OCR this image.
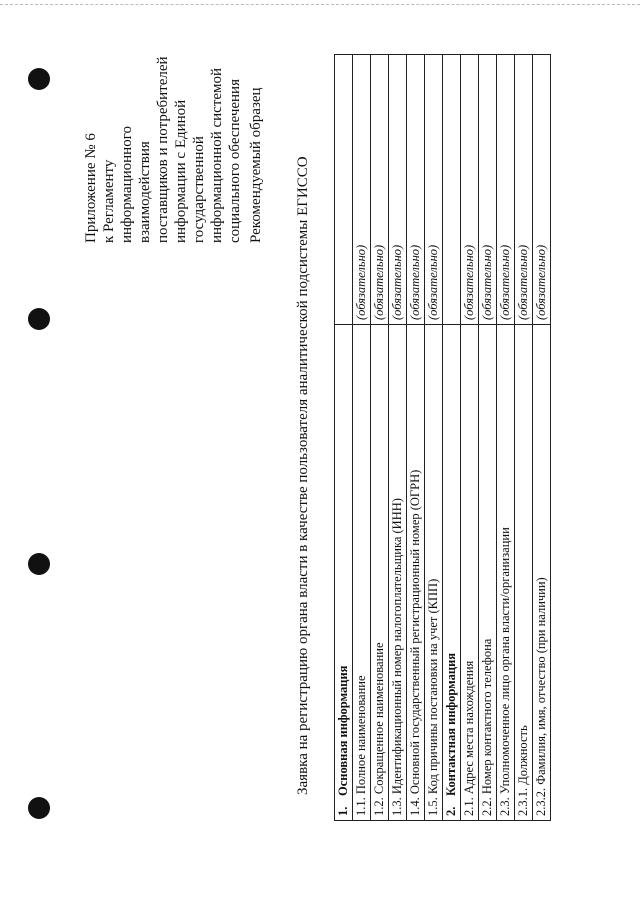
Приложение № 6 к Регламенту информационного взаимодействия поставщиков и потребителей информации с Единой государственной информационной системой социального обеспечения Рекомендуемый образец Заявка на регистрацию органа власти в качестве пользователя аналитической подсистемы ЕГИССО
1.Основная информация	
1.1. Полное наименование	(обязательно)
1.2. Сокращенное наименование	(обязательно)
1.3. Идентификационный номер налогоплательщика (ИНН)	(обязательно)
1.4. Основной государственный регистрационный номер (ОГРН)	(обязательно)
1.5. Код причины постановки на учет (КПП)	(обязательно)
2.Контактная информация	
2.1. Адрес места нахождения	(обязательно)
2.2. Номер контактного телефона	(обязательно)
2.3. Уполномоченное лицо органа власти/организации	(обязательно)
2.3.1. Должность	(обязательно)
2.3.2. Фамилия, имя, отчество (при наличии)	(обязательно)
